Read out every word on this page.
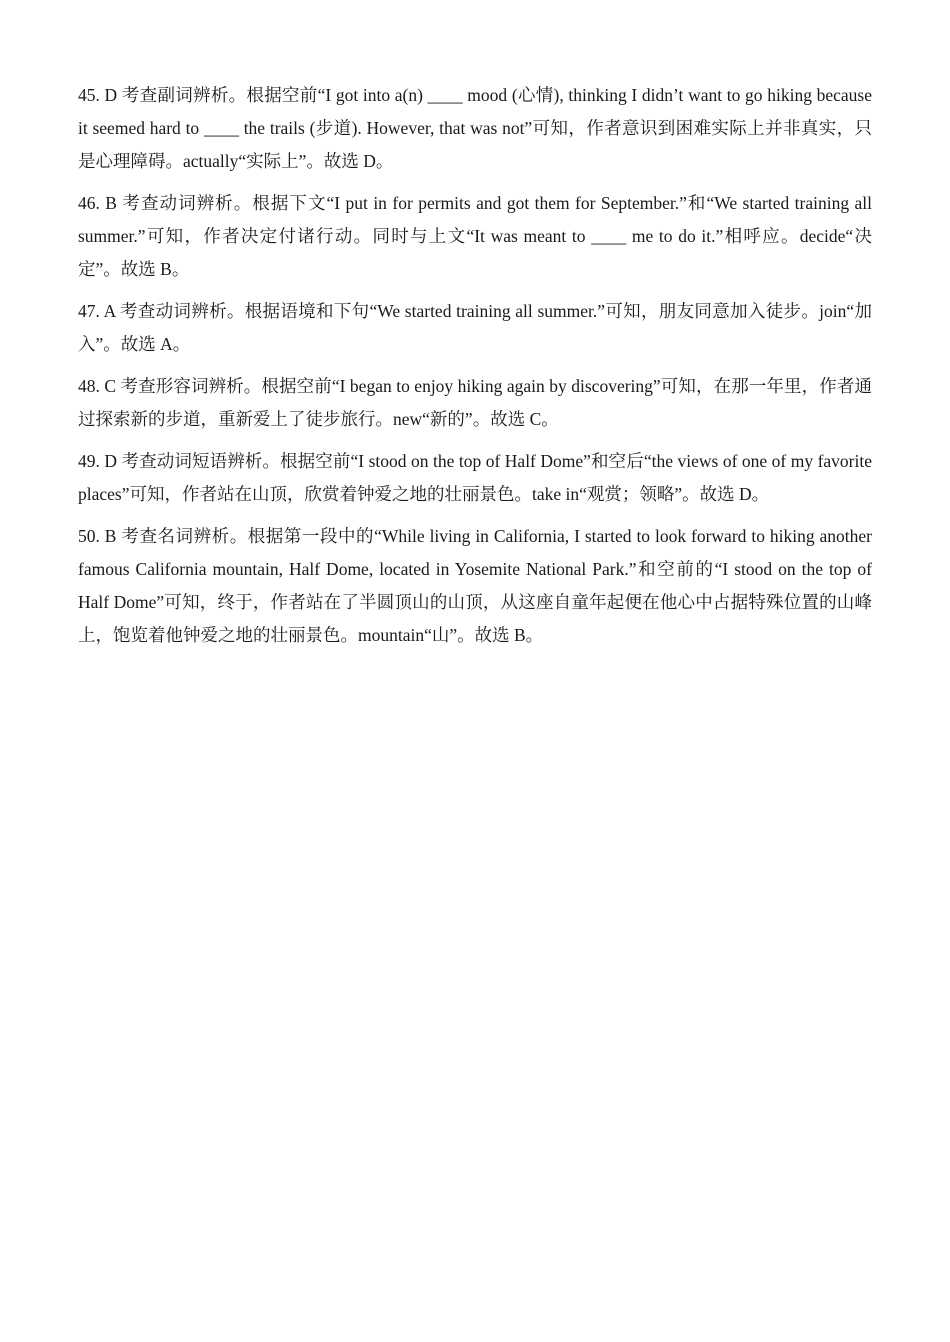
45. D 考查副词辨析。根据空前“I got into a(n) ____ mood (心情), thinking I didn’t want to go hiking because it seemed hard to ____ the trails (步道). However, that was not”可知，作者意识到困难实际上并非真实，只是心理障碍。actually“实际上”。故选 D。

46. B 考查动词辨析。根据下文“I put in for permits and got them for September.”和“We started training all summer.”可知，作者决定付诸行动。同时与上文“It was meant to ____ me to do it.”相呼应。decide“决定”。故选 B。

47. A 考查动词辨析。根据语境和下句“We started training all summer.”可知，朋友同意加入徒步。join“加入”。故选 A。

48. C 考查形容词辨析。根据空前“I began to enjoy hiking again by discovering”可知，在那一年里，作者通过探索新的步道，重新爱上了徒步旅行。new“新的”。故选 C。

49. D 考查动词短语辨析。根据空前“I stood on the top of Half Dome”和空后“the views of one of my favorite places”可知，作者站在山顶，欣赏着钟爱之地的壮丽景色。take in“观赏；领略”。故选 D。

50. B 考查名词辨析。根据第一段中的“While living in California, I started to look forward to hiking another famous California mountain, Half Dome, located in Yosemite National Park.”和空前的“I stood on the top of Half Dome”可知，终于，作者站在了半圆顶山的山顶，从这座自童年起便在他心中占据特殊位置的山峰上，饱览着他钟爱之地的壮丽景色。mountain“山”。故选 B。
